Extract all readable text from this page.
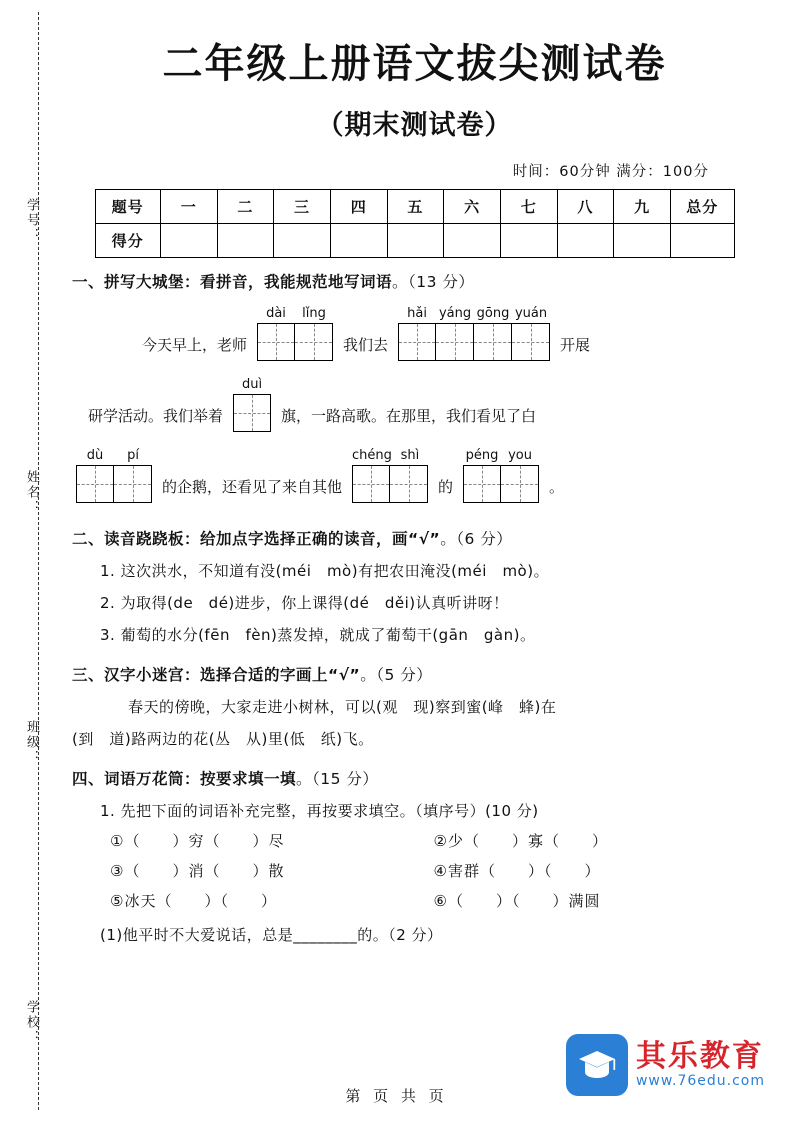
学号：
姓名：
班级：
学校：
二年级上册语文拔尖测试卷
（期末测试卷）
时间：60分钟 满分：100分
题号	一	二	三	四	五	六	七	八	九	总分
得分										
一、拼写大城堡：看拼音，我能规范地写词语。（13 分）
今天早上，老师
dài	lǐng
我们去
hǎi yáng gōng yuán
开展
研学活动。我们举着
duì
旗，一路高歌。在那里，我们看见了白
dù	pí
的企鹅，还看见了来自其他
chéng shì
的
péng you
。
二、读音跷跷板：给加点字选择正确的读音，画“√”。（6 分）

1. 这次洪水，不知道有没(méi　mò)有把农田淹没(méi　mò)。

2. 为取得(de　dé)进步，你上课得(dé　děi)认真听讲呀！

3. 葡萄的水分(fēn　fèn)蒸发掉，就成了葡萄干(gān　gàn)。

三、汉字小迷宫：选择合适的字画上“√”。（5 分）

春天的傍晚，大家走进小树林，可以(观　现)察到蜜(峰　蜂)在

(到　道)路两边的花(丛　从)里(低　纸)飞。

四、词语万花筒：按要求填一填。（15 分）

1. 先把下面的词语补充完整，再按要求填空。（填序号）(10 分)

①（　　）穷（　　）尽	②少（　　）寡（　　）
③（　　）消（　　）散	④害群（　　）（　　）
⑤冰天（　　）（　　）	⑥（　　）（　　）满圆

(1)他平时不大爱说话，总是________的。（2 分）

第 页 共 页
其乐教育
www.76edu.com
